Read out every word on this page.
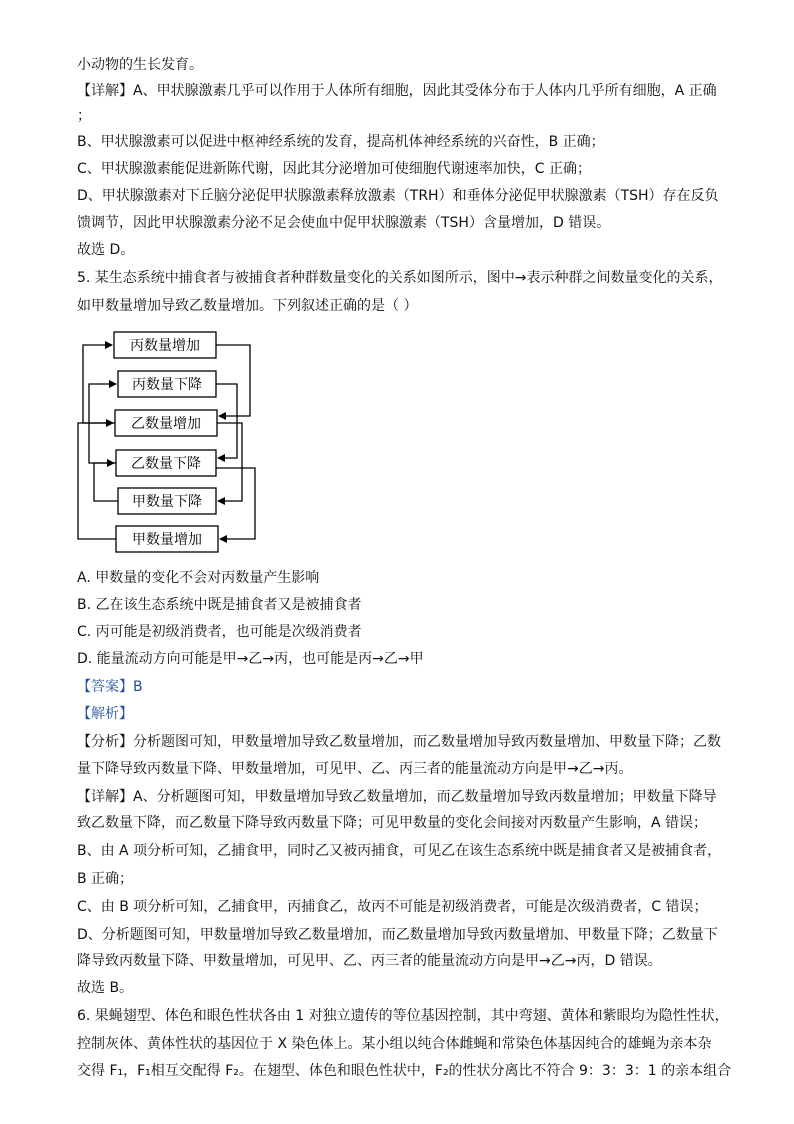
小动物的生长发育。
【详解】A、甲状腺激素几乎可以作用于人体所有细胞，因此其受体分布于人体内几乎所有细胞，A 正确
；
B、甲状腺激素可以促进中枢神经系统的发育，提高机体神经系统的兴奋性，B 正确；
C、甲状腺激素能促进新陈代谢，因此其分泌增加可使细胞代谢速率加快，C 正确；
D、甲状腺激素对下丘脑分泌促甲状腺激素释放激素（TRH）和垂体分泌促甲状腺激素（TSH）存在反负
馈调节，因此甲状腺激素分泌不足会使血中促甲状腺激素（TSH）含量增加，D 错误。
故选 D。
5. 某生态系统中捕食者与被捕食者种群数量变化的关系如图所示，图中→表示种群之间数量变化的关系，
如甲数量增加导致乙数量增加。下列叙述正确的是（ ）
丙数量增加
丙数量下降
乙数量增加
乙数量下降
甲数量下降
甲数量增加
A. 甲数量的变化不会对丙数量产生影响
B. 乙在该生态系统中既是捕食者又是被捕食者
C. 丙可能是初级消费者，也可能是次级消费者
D. 能量流动方向可能是甲→乙→丙，也可能是丙→乙→甲
【答案】B
【解析】
【分析】分析题图可知，甲数量增加导致乙数量增加，而乙数量增加导致丙数量增加、甲数量下降；乙数
量下降导致丙数量下降、甲数量增加，可见甲、乙、丙三者的能量流动方向是甲→乙→丙。
【详解】A、分析题图可知，甲数量增加导致乙数量增加，而乙数量增加导致丙数量增加；甲数量下降导
致乙数量下降，而乙数量下降导致丙数量下降；可见甲数量的变化会间接对丙数量产生影响，A 错误；
B、由 A 项分析可知，乙捕食甲，同时乙又被丙捕食，可见乙在该生态系统中既是捕食者又是被捕食者，
B 正确；
C、由 B 项分析可知，乙捕食甲，丙捕食乙，故丙不可能是初级消费者，可能是次级消费者，C 错误；
D、分析题图可知，甲数量增加导致乙数量增加，而乙数量增加导致丙数量增加、甲数量下降；乙数量下
降导致丙数量下降、甲数量增加，可见甲、乙、丙三者的能量流动方向是甲→乙→丙，D 错误。
故选 B。
6. 果蝇翅型、体色和眼色性状各由 1 对独立遗传的等位基因控制，其中弯翅、黄体和紫眼均为隐性性状，
控制灰体、黄体性状的基因位于 X 染色体上。某小组以纯合体雌蝇和常染色体基因纯合的雄蝇为亲本杂
交得 F₁，F₁相互交配得 F₂。在翅型、体色和眼色性状中，F₂的性状分离比不符合 9：3：3：1 的亲本组合
